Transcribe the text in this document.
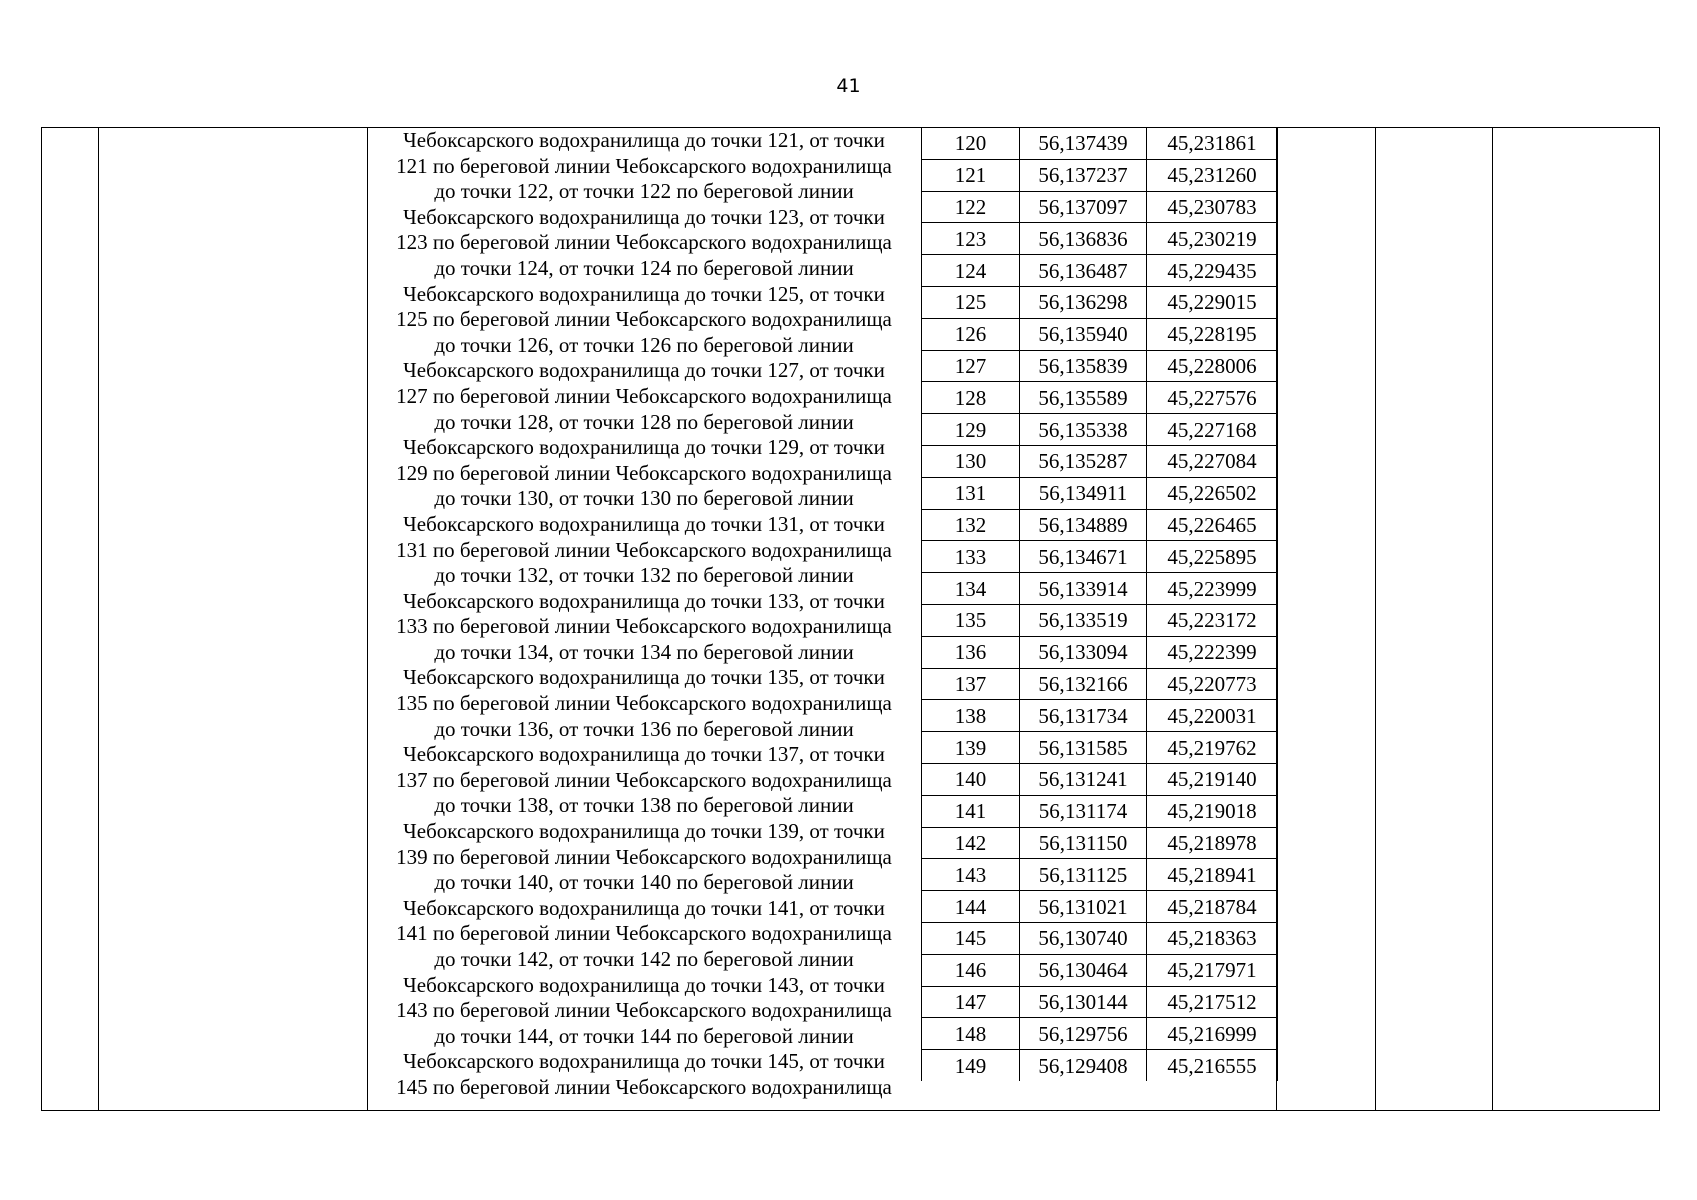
41
Чебоксарского водохранилища до точки 121, от точки
121 по береговой линии Чебоксарского водохранилища
до точки 122, от точки 122 по береговой линии
Чебоксарского водохранилища до точки 123, от точки
123 по береговой линии Чебоксарского водохранилища
до точки 124, от точки 124 по береговой линии
Чебоксарского водохранилища до точки 125, от точки
125 по береговой линии Чебоксарского водохранилища
до точки 126, от точки 126 по береговой линии
Чебоксарского водохранилища до точки 127, от точки
127 по береговой линии Чебоксарского водохранилища
до точки 128, от точки 128 по береговой линии
Чебоксарского водохранилища до точки 129, от точки
129 по береговой линии Чебоксарского водохранилища
до точки 130, от точки 130 по береговой линии
Чебоксарского водохранилища до точки 131, от точки
131 по береговой линии Чебоксарского водохранилища
до точки 132, от точки 132 по береговой линии
Чебоксарского водохранилища до точки 133, от точки
133 по береговой линии Чебоксарского водохранилища
до точки 134, от точки 134 по береговой линии
Чебоксарского водохранилища до точки 135, от точки
135 по береговой линии Чебоксарского водохранилища
до точки 136, от точки 136 по береговой линии
Чебоксарского водохранилища до точки 137, от точки
137 по береговой линии Чебоксарского водохранилища
до точки 138, от точки 138 по береговой линии
Чебоксарского водохранилища до точки 139, от точки
139 по береговой линии Чебоксарского водохранилища
до точки 140, от точки 140 по береговой линии
Чебоксарского водохранилища до точки 141, от точки
141 по береговой линии Чебоксарского водохранилища
до точки 142, от точки 142 по береговой линии
Чебоксарского водохранилища до точки 143, от точки
143 по береговой линии Чебоксарского водохранилища
до точки 144, от точки 144 по береговой линии
Чебоксарского водохранилища до точки 145, от точки
145 по береговой линии Чебоксарского водохранилища
120	56,137439	45,231861
121	56,137237	45,231260
122	56,137097	45,230783
123	56,136836	45,230219
124	56,136487	45,229435
125	56,136298	45,229015
126	56,135940	45,228195
127	56,135839	45,228006
128	56,135589	45,227576
129	56,135338	45,227168
130	56,135287	45,227084
131	56,134911	45,226502
132	56,134889	45,226465
133	56,134671	45,225895
134	56,133914	45,223999
135	56,133519	45,223172
136	56,133094	45,222399
137	56,132166	45,220773
138	56,131734	45,220031
139	56,131585	45,219762
140	56,131241	45,219140
141	56,131174	45,219018
142	56,131150	45,218978
143	56,131125	45,218941
144	56,131021	45,218784
145	56,130740	45,218363
146	56,130464	45,217971
147	56,130144	45,217512
148	56,129756	45,216999
149	56,129408	45,216555
